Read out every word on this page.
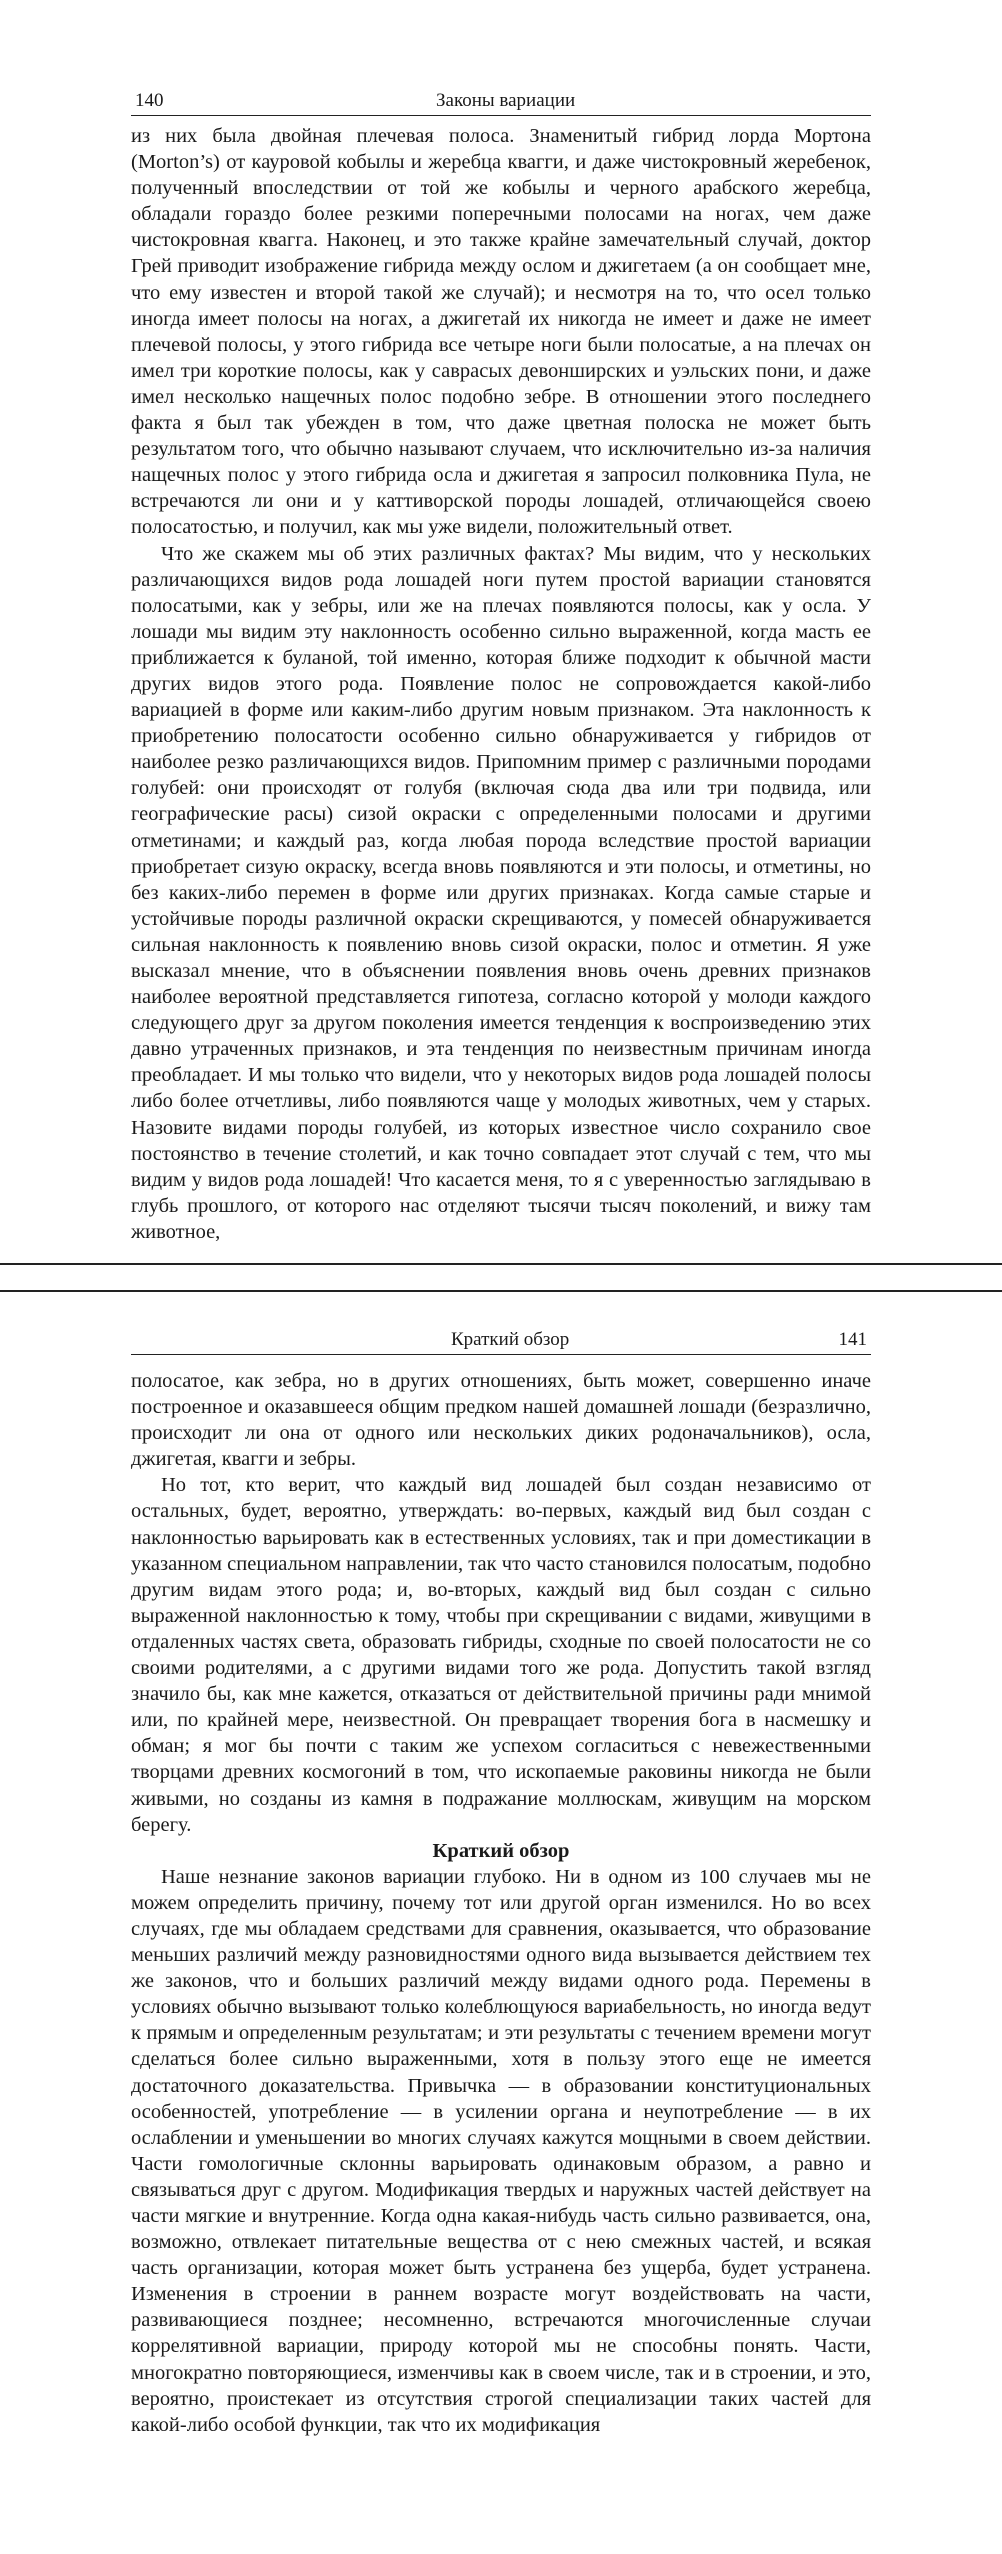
140	Законы вариации

из них была двойная плечевая полоса. Знаменитый гибрид лорда Мортона (Morton’s) от кауровой кобылы и жеребца квагги, и даже чистокровный жеребенок, полученный впоследствии от той же кобылы и черного арабского жеребца, обладали гораздо более резкими поперечными полосами на ногах, чем даже чистокровная квагга. Наконец, и это также крайне замечательный случай, доктор Грей приводит изображение гибрида между ослом и джигетаем (а он сообщает мне, что ему известен и второй такой же случай); и несмотря на то, что осел только иногда имеет полосы на ногах, а джигетай их никогда не имеет и даже не имеет плечевой полосы, у этого гибрида все четыре ноги были полосатые, а на плечах он имел три короткие полосы, как у саврасых девонширских и уэльских пони, и даже имел несколько нащечных полос подобно зебре. В отношении этого последнего факта я был так убежден в том, что даже цветная полоска не может быть результатом того, что обычно называют случаем, что исключительно из-за наличия нащечных полос у этого гибрида осла и джигетая я запросил полковника Пула, не встречаются ли они и у каттиворской породы лошадей, отличающейся своею полосатостью, и получил, как мы уже видели, положительный ответ.

Что же скажем мы об этих различных фактах? Мы видим, что у нескольких различающихся видов рода лошадей ноги путем простой вариации становятся полосатыми, как у зебры, или же на плечах появляются полосы, как у осла. У лошади мы видим эту наклонность особенно сильно выраженной, когда масть ее приближается к буланой, той именно, которая ближе подходит к обычной масти других видов этого рода. Появление полос не сопровождается какой-либо вариацией в форме или каким-либо другим новым признаком. Эта наклонность к приобретению полосатости особенно сильно обнаруживается у гибридов от наиболее резко различающихся видов. Припомним пример с различными породами голубей: они происходят от голубя (включая сюда два или три подвида, или географические расы) сизой окраски с определенными полосами и другими отметинами; и каждый раз, когда любая порода вследствие простой вариации приобретает сизую окраску, всегда вновь появляются и эти полосы, и отметины, но без каких-либо перемен в форме или других признаках. Когда самые старые и устойчивые породы различной окраски скрещиваются, у помесей обнаруживается сильная наклонность к появлению вновь сизой окраски, полос и отметин. Я уже высказал мнение, что в объяснении появления вновь очень древних признаков наиболее вероятной представляется гипотеза, согласно которой у молоди каждого следующего друг за другом поколения имеется тенденция к воспроизведению этих давно утраченных признаков, и эта тенденция по неизвестным причинам иногда преобладает. И мы только что видели, что у некоторых видов рода лошадей полосы либо более отчетливы, либо появляются чаще у молодых животных, чем у старых. Назовите видами породы голубей, из которых известное число сохранило свое постоянство в течение столетий, и как точно совпадает этот случай с тем, что мы видим у видов рода лошадей! Что касается меня, то я с уверенностью заглядываю в глубь прошлого, от которого нас отделяют тысячи тысяч поколений, и вижу там животное,

Краткий обзор	141

полосатое, как зебра, но в других отношениях, быть может, совершенно иначе построенное и оказавшееся общим предком нашей домашней лошади (безразлично, происходит ли она от одного или нескольких диких родоначальников), осла, джигетая, квагги и зебры.

Но тот, кто верит, что каждый вид лошадей был создан независимо от остальных, будет, вероятно, утверждать: во-первых, каждый вид был создан с наклонностью варьировать как в естественных условиях, так и при доместикации в указанном специальном направлении, так что часто становился полосатым, подобно другим видам этого рода; и, во-вторых, каждый вид был создан с сильно выраженной наклонностью к тому, чтобы при скрещивании с видами, живущими в отдаленных частях света, образовать гибриды, сходные по своей полосатости не со своими родителями, а с другими видами того же рода. Допустить такой взгляд значило бы, как мне кажется, отказаться от действительной причины ради мнимой или, по крайней мере, неизвестной. Он превращает творения бога в насмешку и обман; я мог бы почти с таким же успехом согласиться с невежественными творцами древних космогоний в том, что ископаемые раковины никогда не были живыми, но созданы из камня в подражание моллюскам, живущим на морском берегу.

Краткий обзор

Наше незнание законов вариации глубоко. Ни в одном из 100 случаев мы не можем определить причину, почему тот или другой орган изменился. Но во всех случаях, где мы обладаем средствами для сравнения, оказывается, что образование меньших различий между разновидностями одного вида вызывается действием тех же законов, что и больших различий между видами одного рода. Перемены в условиях обычно вызывают только колеблющуюся вариабельность, но иногда ведут к прямым и определенным результатам; и эти результаты с течением времени могут сделаться более сильно выраженными, хотя в пользу этого еще не имеется достаточного доказательства. Привычка — в образовании конституциональных особенностей, употребление — в усилении органа и неупотребление — в их ослаблении и уменьшении во многих случаях кажутся мощными в своем действии. Части гомологичные склонны варьировать одинаковым образом, а равно и связываться друг с другом. Модификация твердых и наружных частей действует на части мягкие и внутренние. Когда одна какая-нибудь часть сильно развивается, она, возможно, отвлекает питательные вещества от с нею смежных частей, и всякая часть организации, которая может быть устранена без ущерба, будет устранена. Изменения в строении в раннем возрасте могут воздействовать на части, развивающиеся позднее; несомненно, встречаются многочисленные случаи коррелятивной вариации, природу которой мы не способны понять. Части, многократно повторяющиеся, изменчивы как в своем числе, так и в строении, и это, вероятно, проистекает из отсутствия строгой специализации таких частей для какой-либо особой функции, так что их модификация
